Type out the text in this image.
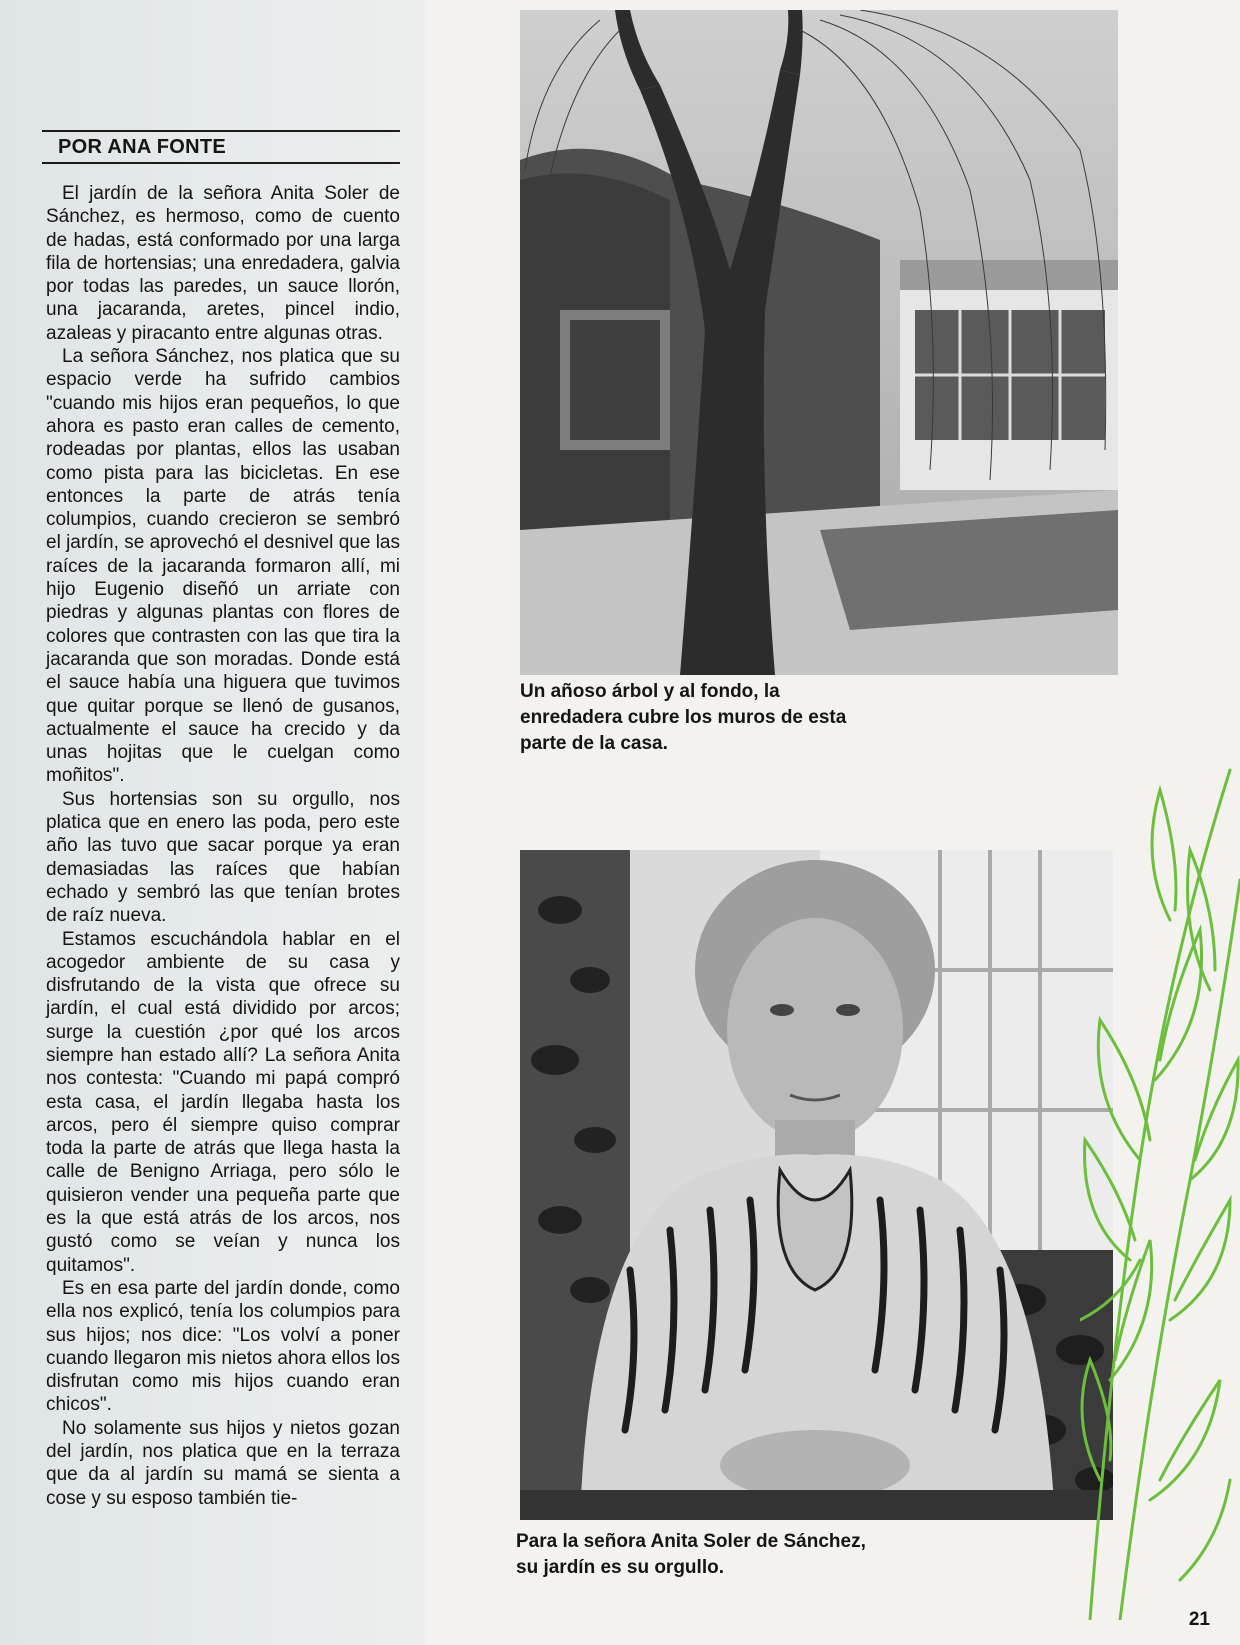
POR ANA FONTE

El jardín de la señora Anita Soler de Sánchez, es hermoso, como de cuento de hadas, está conformado por una larga fila de hortensias; una enredadera, galvia por todas las paredes, un sauce llorón, una jacaranda, aretes, pincel indio, azaleas y piracanto entre algunas otras.

La señora Sánchez, nos platica que su espacio verde ha sufrido cambios "cuando mis hijos eran pequeños, lo que ahora es pasto eran calles de cemento, rodeadas por plantas, ellos las usaban como pista para las bicicletas. En ese entonces la parte de atrás tenía columpios, cuando crecieron se sembró el jardín, se aprovechó el desnivel que las raíces de la jacaranda formaron allí, mi hijo Eugenio diseñó un arriate con piedras y algunas plantas con flores de colores que contrasten con las que tira la jacaranda que son moradas. Donde está el sauce había una higuera que tuvimos que quitar porque se llenó de gusanos, actualmente el sauce ha crecido y da unas hojitas que le cuelgan como moñitos".

Sus hortensias son su orgullo, nos platica que en enero las poda, pero este año las tuvo que sacar porque ya eran demasiadas las raíces que habían echado y sembró las que tenían brotes de raíz nueva.

Estamos escuchándola hablar en el acogedor ambiente de su casa y disfrutando de la vista que ofrece su jardín, el cual está dividido por arcos; surge la cuestión ¿por qué los arcos siempre han estado allí? La señora Anita nos contesta: "Cuando mi papá compró esta casa, el jardín llegaba hasta los arcos, pero él siempre quiso comprar toda la parte de atrás que llega hasta la calle de Benigno Arriaga, pero sólo le quisieron vender una pequeña parte que es la que está atrás de los arcos, nos gustó como se veían y nunca los quitamos".

Es en esa parte del jardín donde, como ella nos explicó, tenía los columpios para sus hijos; nos dice: "Los volví a poner cuando llegaron mis nietos ahora ellos los disfrutan como mis hijos cuando eran chicos".

No solamente sus hijos y nietos gozan del jardín, nos platica que en la terraza que da al jardín su mamá se sienta a cose y su esposo también tie-

Un añoso árbol y al fondo, la enredadera cubre los muros de esta parte de la casa.
Para la señora Anita Soler de Sánchez, su jardín es su orgullo.
21
